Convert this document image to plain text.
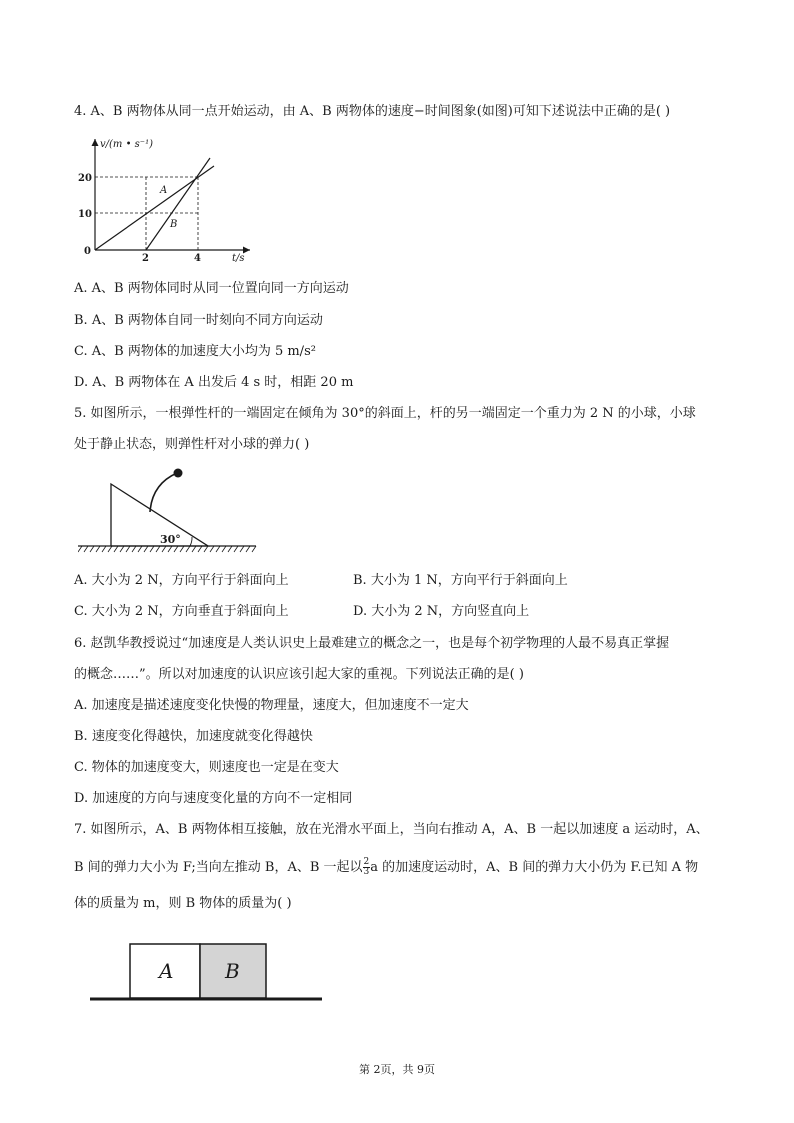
4. A、B 两物体从同一点开始运动，由 A、B 两物体的速度−时间图象(如图)可知下述说法中正确的是( )
v/(m • s⁻¹)
t/s
0
20
10
2	4
A
B
A. A、B 两物体同时从同一位置向同一方向运动
B. A、B 两物体自同一时刻向不同方向运动
C. A、B 两物体的加速度大小均为 5 m/s²
D. A、B 两物体在 A 出发后 4 s 时，相距 20 m
5. 如图所示，一根弹性杆的一端固定在倾角为 30°的斜面上，杆的另一端固定一个重力为 2 N 的小球，小球
处于静止状态，则弹性杆对小球的弹力( )
30°
A. 大小为 2 N，方向平行于斜面向上	B. 大小为 1 N，方向平行于斜面向上
C. 大小为 2 N，方向垂直于斜面向上	D. 大小为 2 N，方向竖直向上
6. 赵凯华教授说过“加速度是人类认识史上最难建立的概念之一，也是每个初学物理的人最不易真正掌握
的概念……”。所以对加速度的认识应该引起大家的重视。下列说法正确的是( )
A. 加速度是描述速度变化快慢的物理量，速度大，但加速度不一定大
B. 速度变化得越快，加速度就变化得越快
C. 物体的加速度变大，则速度也一定是在变大
D. 加速度的方向与速度变化量的方向不一定相同
7. 如图所示，A、B 两物体相互接触，放在光滑水平面上，当向右推动 A，A、B 一起以加速度 a 运动时，A、
B 间的弹力大小为 F;当向左推动 B，A、B 一起以 $\frac{2}{3}$ a 的加速度运动时，A、B 间的弹力大小仍为 F.已知 A 物
体的质量为 m，则 B 物体的质量为( )
A	B
第 2页，共 9页
